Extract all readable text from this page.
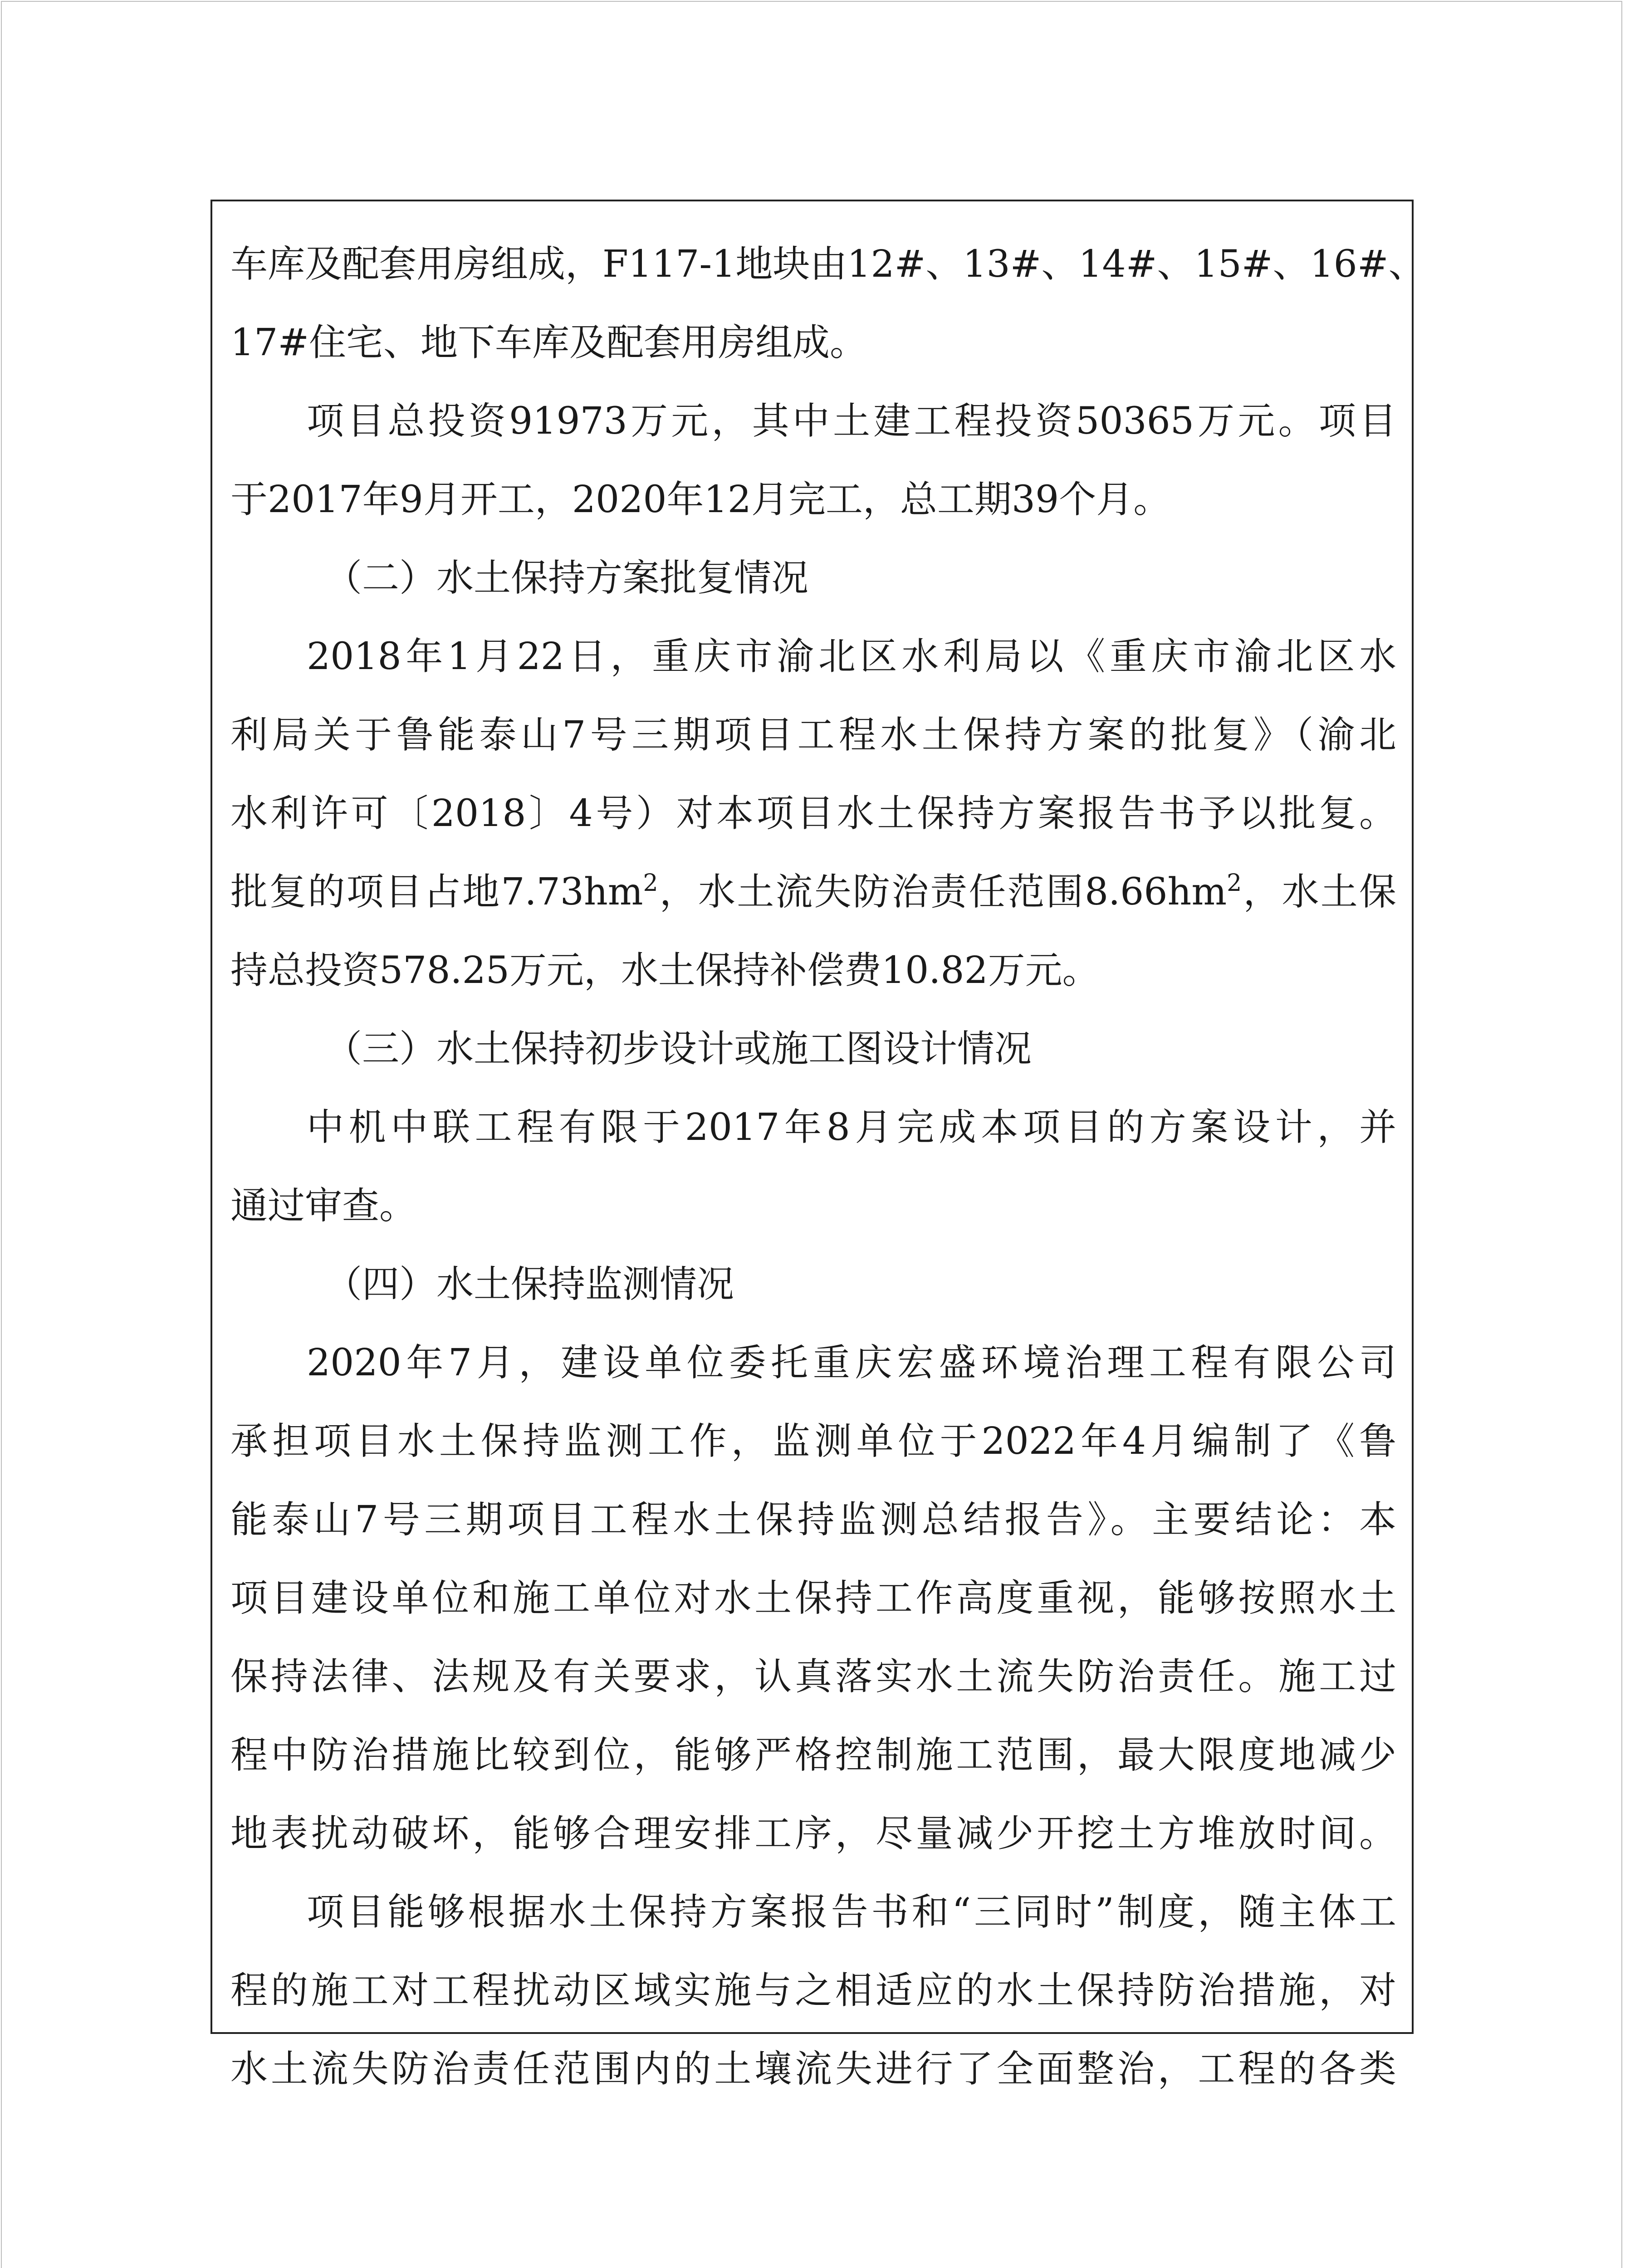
车库及配套用房组成，F117-1地块由12#、13#、14#、15#、16#、
17#住宅、地下车库及配套用房组成。
项目总投资91973万元，其中土建工程投资50365万元。项目
于2017年9月开工，2020年12月完工，总工期39个月。
（二）水土保持方案批复情况
2018年1月22日，重庆市渝北区水利局以《重庆市渝北区水
利局关于鲁能泰山7号三期项目工程水土保持方案的批复》（渝北
水利许可〔2018〕4号）对本项目水土保持方案报告书予以批复。
批复的项目占地$7.73hm^2$，水土流失防治责任范围$8.66hm^2$，水土保
持总投资578.25万元，水土保持补偿费10.82万元。
（三）水土保持初步设计或施工图设计情况
中机中联工程有限于2017年8月完成本项目的方案设计，并
通过审查。
（四）水土保持监测情况
2020年7月，建设单位委托重庆宏盛环境治理工程有限公司
承担项目水土保持监测工作，监测单位于2022年4月编制了《鲁
能泰山7号三期项目工程水土保持监测总结报告》。主要结论：本
项目建设单位和施工单位对水土保持工作高度重视，能够按照水土
保持法律、法规及有关要求，认真落实水土流失防治责任。施工过
程中防治措施比较到位，能够严格控制施工范围，最大限度地减少
地表扰动破坏，能够合理安排工序，尽量减少开挖土方堆放时间。
项目能够根据水土保持方案报告书和“三同时”制度，随主体工
程的施工对工程扰动区域实施与之相适应的水土保持防治措施，对
水土流失防治责任范围内的土壤流失进行了全面整治，工程的各类
